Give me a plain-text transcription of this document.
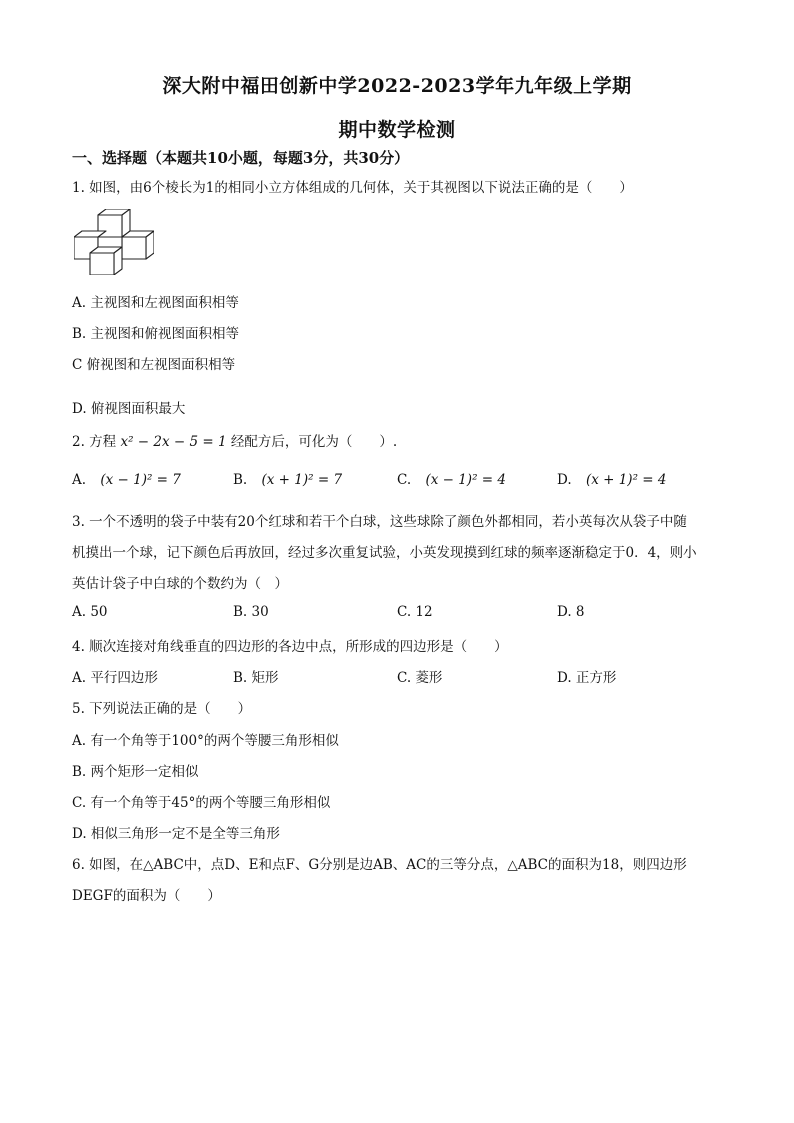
深大附中福田创新中学2022-2023学年九年级上学期
期中数学检测
一、选择题（本题共10小题，每题3分，共30分）
1. 如图，由6个棱长为1的相同小立方体组成的几何体，关于其视图以下说法正确的是（　　）
A. 主视图和左视图面积相等
B. 主视图和俯视图面积相等
C 俯视图和左视图面积相等
D. 俯视图面积最大
2. 方程 x² − 2x − 5 = 1 经配方后，可化为（　　）.
A. (x − 1)² = 7	B. (x + 1)² = 7	C. (x − 1)² = 4	D. (x + 1)² = 4
3. 一个不透明的袋子中装有20个红球和若干个白球，这些球除了颜色外都相同，若小英每次从袋子中随
机摸出一个球，记下颜色后再放回，经过多次重复试验，小英发现摸到红球的频率逐渐稳定于0．4，则小
英估计袋子中白球的个数约为（　）
A. 50	B. 30	C. 12	D. 8
4. 顺次连接对角线垂直的四边形的各边中点，所形成的四边形是（　　）
A. 平行四边形	B. 矩形	C. 菱形	D. 正方形
5. 下列说法正确的是（　　）
A. 有一个角等于100°的两个等腰三角形相似
B. 两个矩形一定相似
C. 有一个角等于45°的两个等腰三角形相似
D. 相似三角形一定不是全等三角形
6. 如图，在△ABC中，点D、E和点F、G分别是边AB、AC的三等分点，△ABC的面积为18，则四边形
DEGF的面积为（　　）
